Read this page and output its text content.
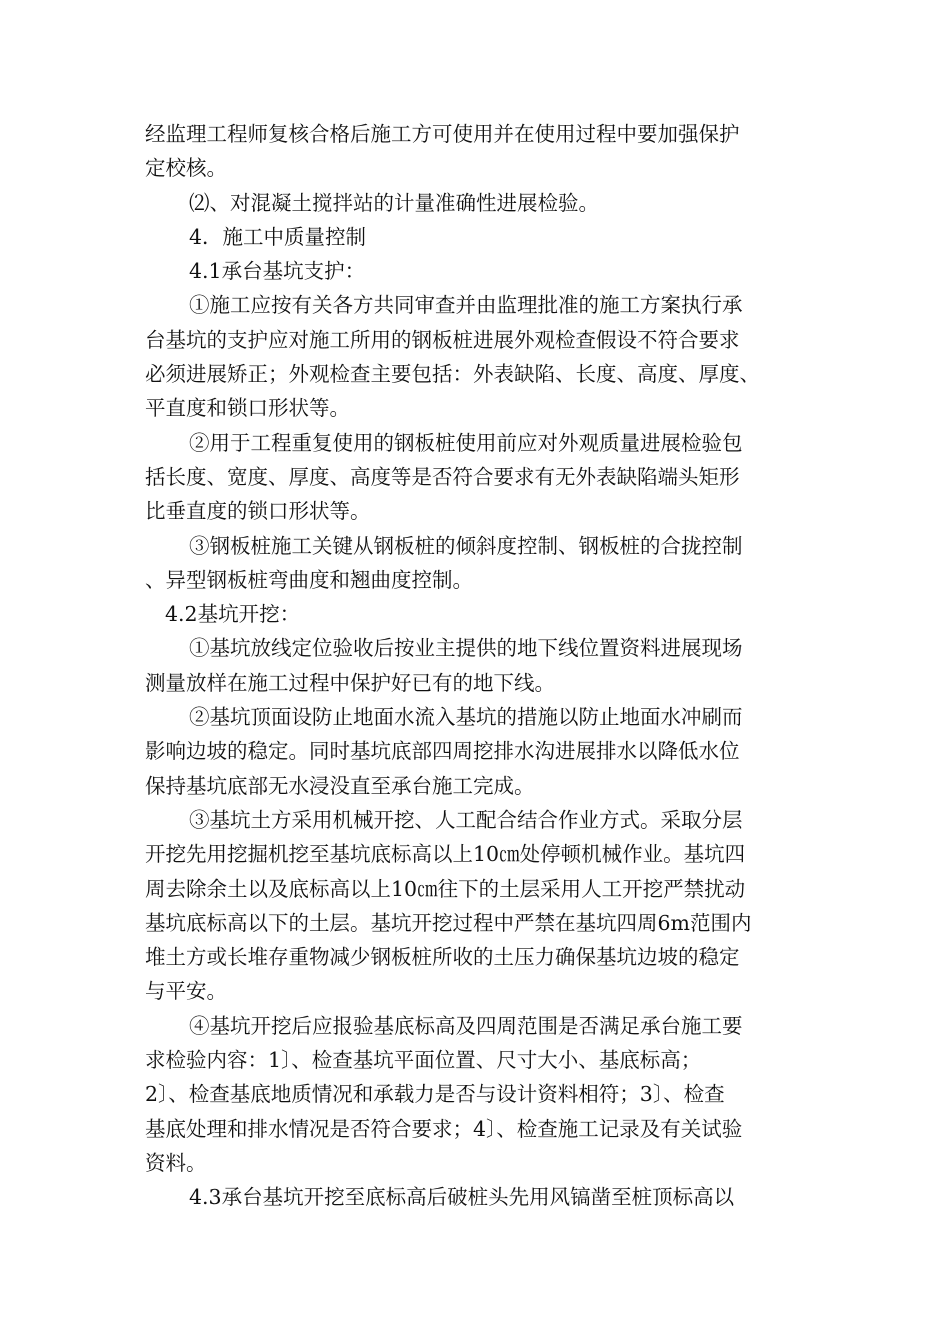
经监理工程师复核合格后施工方可使用并在使用过程中要加强保护
定校核。
⑵、对混凝土搅拌站的计量准确性进展检验。
4．施工中质量控制
4.1承台基坑支护：
①施工应按有关各方共同审查并由监理批准的施工方案执行承
台基坑的支护应对施工所用的钢板桩进展外观检查假设不符合要求
必须进展矫正；外观检查主要包括：外表缺陷、长度、高度、厚度、
平直度和锁口形状等。
②用于工程重复使用的钢板桩使用前应对外观质量进展检验包
括长度、宽度、厚度、高度等是否符合要求有无外表缺陷端头矩形
比垂直度的锁口形状等。
③钢板桩施工关键从钢板桩的倾斜度控制、钢板桩的合拢控制
、异型钢板桩弯曲度和翘曲度控制。
4.2基坑开挖：
①基坑放线定位验收后按业主提供的地下线位置资料进展现场
测量放样在施工过程中保护好已有的地下线。
②基坑顶面设防止地面水流入基坑的措施以防止地面水冲刷而
影响边坡的稳定。同时基坑底部四周挖排水沟进展排水以降低水位
保持基坑底部无水浸没直至承台施工完成。
③基坑土方采用机械开挖、人工配合结合作业方式。采取分层
开挖先用挖掘机挖至基坑底标高以上10㎝处停顿机械作业。基坑四
周去除余土以及底标高以上10㎝往下的土层采用人工开挖严禁扰动
基坑底标高以下的土层。基坑开挖过程中严禁在基坑四周6m范围内
堆土方或长堆存重物减少钢板桩所收的土压力确保基坑边坡的稳定
与平安。
④基坑开挖后应报验基底标高及四周范围是否满足承台施工要
求检验内容：1〕、检查基坑平面位置、尺寸大小、基底标高；
2〕、检查基底地质情况和承载力是否与设计资料相符；3〕、检查
基底处理和排水情况是否符合要求；4〕、检查施工记录及有关试验
资料。
4.3承台基坑开挖至底标高后破桩头先用风镐凿至桩顶标高以
